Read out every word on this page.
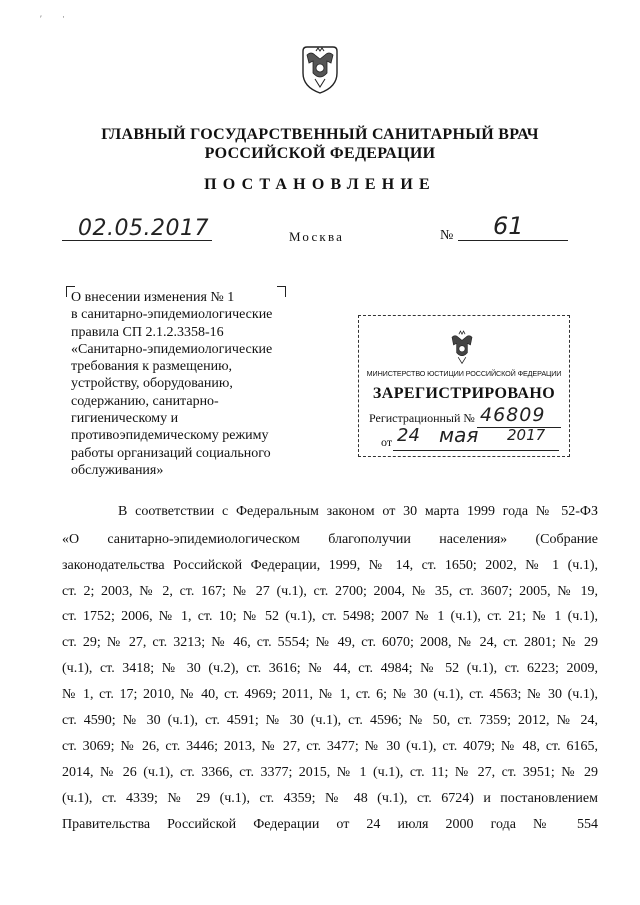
′ ·
ГЛАВНЫЙ ГОСУДАРСТВЕННЫЙ САНИТАРНЫЙ ВРАЧ
РОССИЙСКОЙ ФЕДЕРАЦИИ
ПОСТАНОВЛЕНИЕ
02.05.2017	Москва	№ 61
О внесении изменения № 1
в санитарно-эпидемиологические
правила СП 2.1.2.3358-16
«Санитарно-эпидемиологические
требования к размещению,
устройству, оборудованию,
содержанию, санитарно-
гигиеническому и
противоэпидемическому режиму
работы организаций социального
обслуживания»
МИНИСТЕРСТВО ЮСТИЦИИ РОССИЙСКОЙ ФЕДЕРАЦИИ
ЗАРЕГИСТРИРОВАНО
Регистрационный № 46809
от 24 мая 2017
В соответствии с Федеральным законом от 30 марта 1999 года № 52-ФЗ
«О санитарно-эпидемиологическом благополучии населения» (Собрание
законодательства Российской Федерации, 1999, № 14, ст. 1650; 2002, № 1 (ч.1),
ст. 2; 2003, № 2, ст. 167; № 27 (ч.1), ст. 2700; 2004, № 35, ст. 3607; 2005, № 19,
ст. 1752; 2006, № 1, ст. 10; № 52 (ч.1), ст. 5498; 2007 № 1 (ч.1), ст. 21; № 1 (ч.1),
ст. 29; № 27, ст. 3213; № 46, ст. 5554; № 49, ст. 6070; 2008, № 24, ст. 2801; № 29
(ч.1), ст. 3418; № 30 (ч.2), ст. 3616; № 44, ст. 4984; № 52 (ч.1), ст. 6223; 2009,
№ 1, ст. 17; 2010, № 40, ст. 4969; 2011, № 1, ст. 6; № 30 (ч.1), ст. 4563; № 30 (ч.1),
ст. 4590; № 30 (ч.1), ст. 4591; № 30 (ч.1), ст. 4596; № 50, ст. 7359; 2012, № 24,
ст. 3069; № 26, ст. 3446; 2013, № 27, ст. 3477; № 30 (ч.1), ст. 4079; № 48, ст. 6165,
2014, № 26 (ч.1), ст. 3366, ст. 3377; 2015, № 1 (ч.1), ст. 11; № 27, ст. 3951; № 29
(ч.1), ст. 4339; № 29 (ч.1), ст. 4359; № 48 (ч.1), ст. 6724) и постановлением
Правительства Российской Федерации от 24 июля 2000 года № 554
